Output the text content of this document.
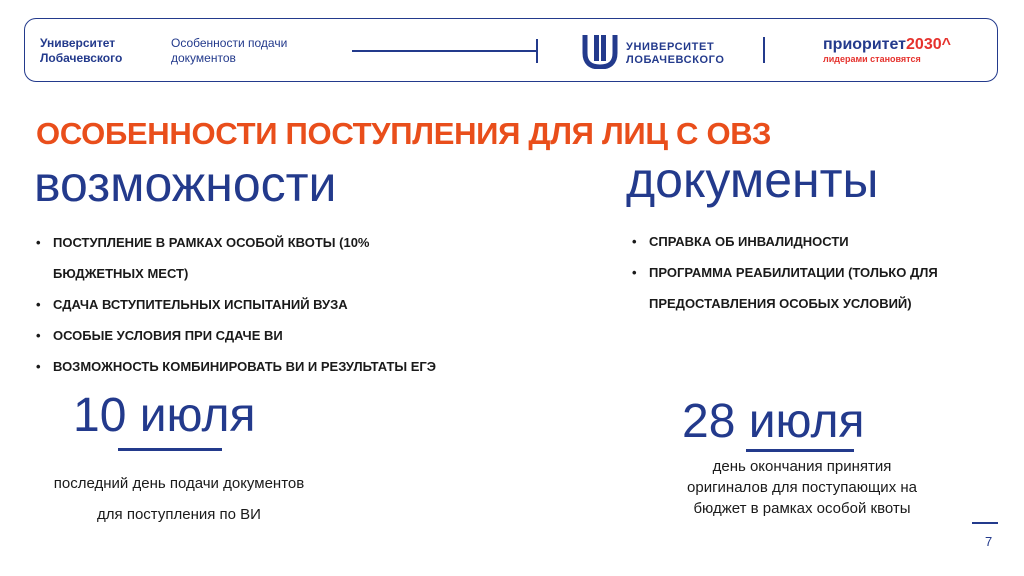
Университет
Лобачевского
Особенности подачи
документов
УНИВЕРСИТЕТ
ЛОБАЧЕВСКОГО
приоритет2030^
лидерами становятся
ОСОБЕННОСТИ ПОСТУПЛЕНИЯ ДЛЯ ЛИЦ С ОВЗ
возможности	документы
• ПОСТУПЛЕНИЕ В РАМКАХ ОСОБОЙ КВОТЫ (10% БЮДЖЕТНЫХ МЕСТ)
• СДАЧА ВСТУПИТЕЛЬНЫХ ИСПЫТАНИЙ ВУЗА
• ОСОБЫЕ УСЛОВИЯ ПРИ СДАЧЕ ВИ
• ВОЗМОЖНОСТЬ КОМБИНИРОВАТЬ ВИ И РЕЗУЛЬТАТЫ ЕГЭ
• СПРАВКА ОБ ИНВАЛИДНОСТИ
• ПРОГРАММА РЕАБИЛИТАЦИИ (ТОЛЬКО ДЛЯ ПРЕДОСТАВЛЕНИЯ ОСОБЫХ УСЛОВИЙ)
10 июля
последний день подачи документов
для поступления по ВИ
28 июля
день окончания принятия
оригиналов для поступающих на
бюджет в рамках особой квоты
7
